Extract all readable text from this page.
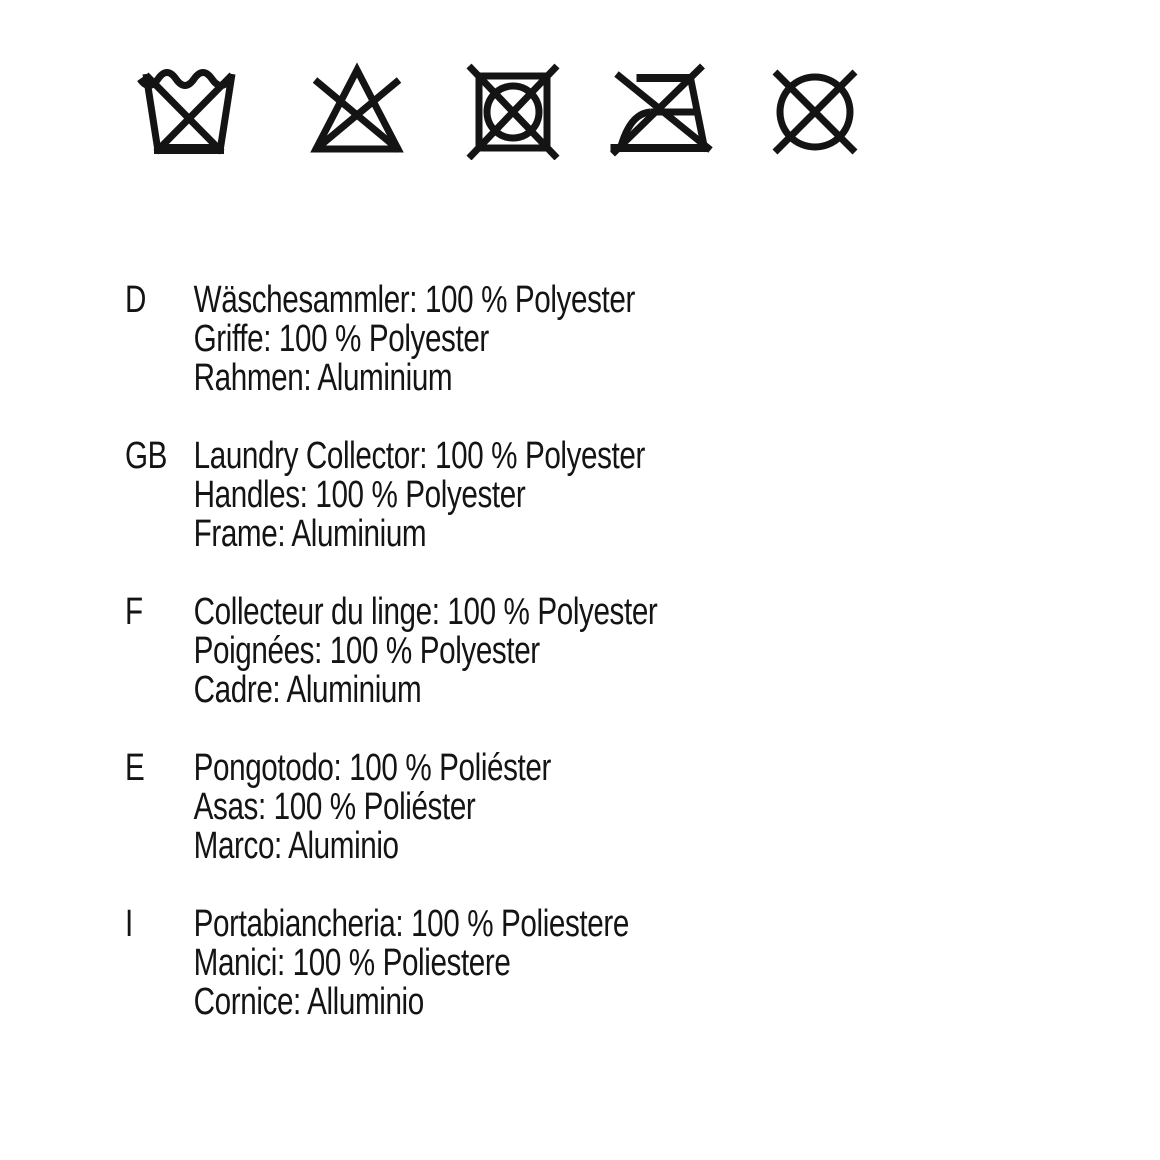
D	Wäschesammler: 100 % Polyester
Griffe: 100 % Polyester
Rahmen: Aluminium
GB Laundry Collector: 100 % Polyester
Handles: 100 % Polyester
Frame: Aluminium
F	Collecteur du linge: 100 % Polyester
Poignées: 100 % Polyester
Cadre: Aluminium
E	Pongotodo: 100 % Poliéster
Asas: 100 % Poliéster
Marco: Aluminio
I	Portabiancheria: 100 % Poliestere
Manici: 100 % Poliestere
Cornice: Alluminio
